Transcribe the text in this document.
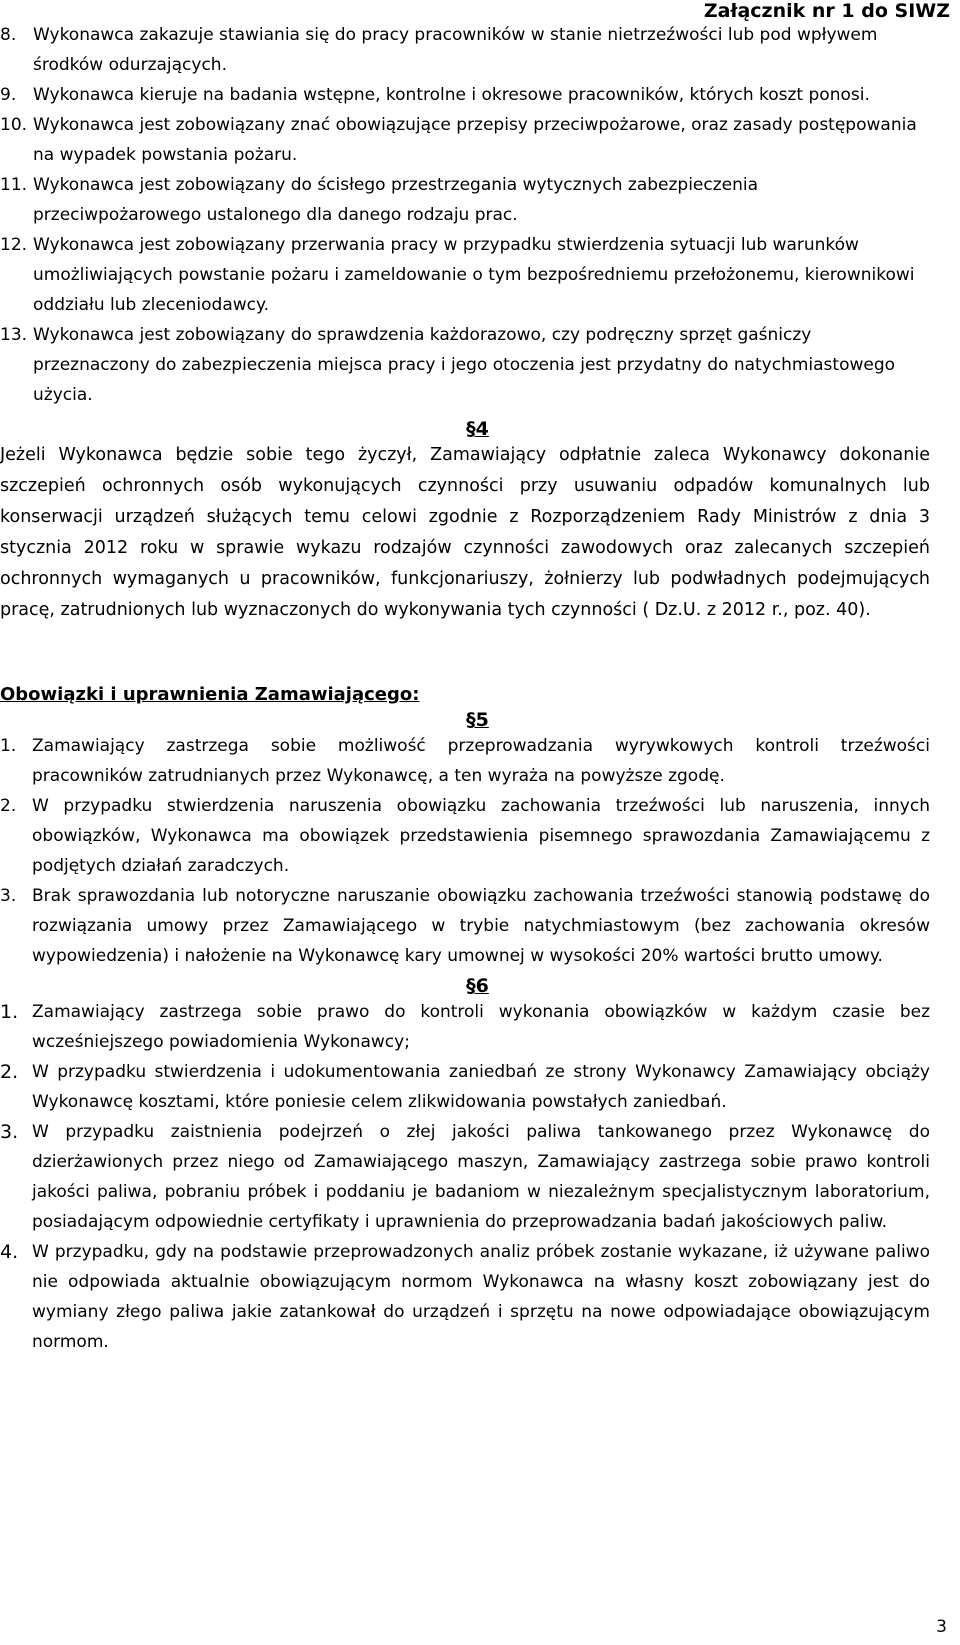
Załącznik nr 1 do SIWZ
8. Wykonawca zakazuje stawiania się do pracy pracowników w stanie nietrzeźwości lub pod wpływem środków odurzających.
9. Wykonawca kieruje na badania wstępne, kontrolne i okresowe pracowników, których koszt ponosi.
10. Wykonawca jest zobowiązany znać obowiązujące przepisy przeciwpożarowe, oraz zasady postępowania na wypadek powstania pożaru.
11. Wykonawca jest zobowiązany do ścisłego przestrzegania wytycznych zabezpieczenia przeciwpożarowego ustalonego dla danego rodzaju prac.
12. Wykonawca jest zobowiązany przerwania pracy w przypadku stwierdzenia sytuacji lub warunków umożliwiających powstanie pożaru i zameldowanie o tym bezpośredniemu przełożonemu, kierownikowi oddziału lub zleceniodawcy.
13. Wykonawca jest zobowiązany do sprawdzenia każdorazowo, czy podręczny sprzęt gaśniczy przeznaczony do zabezpieczenia miejsca pracy i jego otoczenia jest przydatny do natychmiastowego użycia.
§4
Jeżeli Wykonawca będzie sobie tego życzył, Zamawiający odpłatnie zaleca Wykonawcy dokonanie szczepień ochronnych osób wykonujących czynności przy usuwaniu odpadów komunalnych lub konserwacji urządzeń służących temu celowi zgodnie z Rozporządzeniem Rady Ministrów z dnia 3 stycznia 2012 roku w sprawie wykazu rodzajów czynności zawodowych oraz zalecanych szczepień ochronnych wymaganych u pracowników, funkcjonariuszy, żołnierzy lub podwładnych podejmujących pracę, zatrudnionych lub wyznaczonych do wykonywania tych czynności ( Dz.U. z 2012 r., poz. 40).
Obowiązki i uprawnienia Zamawiającego:
§5
1. Zamawiający zastrzega sobie możliwość przeprowadzania wyrywkowych kontroli trzeźwości pracowników zatrudnianych przez Wykonawcę, a ten wyraża na powyższe zgodę.
2. W przypadku stwierdzenia naruszenia obowiązku zachowania trzeźwości lub naruszenia, innych obowiązków, Wykonawca ma obowiązek przedstawienia pisemnego sprawozdania Zamawiającemu z podjętych działań zaradczych.
3. Brak sprawozdania lub notoryczne naruszanie obowiązku zachowania trzeźwości stanowią podstawę do rozwiązania umowy przez Zamawiającego w trybie natychmiastowym (bez zachowania okresów wypowiedzenia) i nałożenie na Wykonawcę kary umownej w wysokości 20% wartości brutto umowy.
§6
1. Zamawiający zastrzega sobie prawo do kontroli wykonania obowiązków w każdym czasie bez wcześniejszego powiadomienia Wykonawcy;
2. W przypadku stwierdzenia i udokumentowania zaniedbań ze strony Wykonawcy Zamawiający obciąży Wykonawcę kosztami, które poniesie celem zlikwidowania powstałych zaniedbań.
3. W przypadku zaistnienia podejrzeń o złej jakości paliwa tankowanego przez Wykonawcę do dzierżawionych przez niego od Zamawiającego maszyn, Zamawiający zastrzega sobie prawo kontroli jakości paliwa, pobraniu próbek i poddaniu je badaniom w niezależnym specjalistycznym laboratorium, posiadającym odpowiednie certyfikaty i uprawnienia do przeprowadzania badań jakościowych paliw.
4. W przypadku, gdy na podstawie przeprowadzonych analiz próbek zostanie wykazane, iż używane paliwo nie odpowiada aktualnie obowiązującym normom Wykonawca na własny koszt zobowiązany jest do wymiany złego paliwa jakie zatankował do urządzeń i sprzętu na nowe odpowiadające obowiązującym normom.
3
